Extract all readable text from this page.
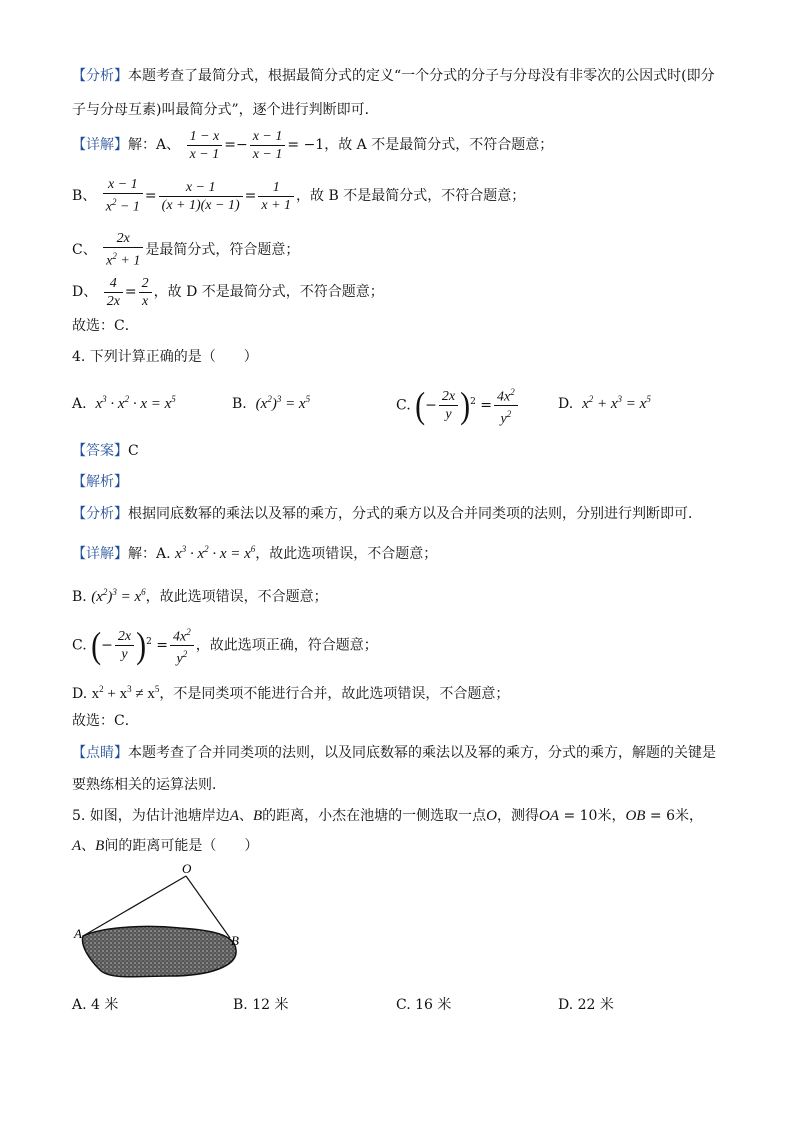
【分析】本题考查了最简分式，根据最简分式的定义“一个分式的分子与分母没有非零次的公因式时(即分
子与分母互素)叫最简分式”，逐个进行判断即可．
【详解】解：A、 $\frac{1 - x}{x - 1} =- \frac{x - 1}{x - 1} = -1$，故 A 不是最简分式，不符合题意；
B、 $\frac{x - 1}{x^2 - 1} = \frac{x - 1}{(x + 1)(x - 1)} = \frac{1}{x + 1}$ ，故 B 不是最简分式，不符合题意；
C、 $\frac{2x}{x^2 + 1}$ 是最简分式，符合题意；
D、 $\frac{4}{2x} = \frac{2}{x}$ ，故 D 不是最简分式，不符合题意；
故选：C．
4. 下列计算正确的是（　　）
A. $x^3 \cdot x^2 \cdot x = x^5$	B. $(x^2)^3 = x^5$	C. (− $\frac{2x}{y} )^2 = \frac{4x^2}{y^2}$	D. $x^2 + x^3 = x^5$
【答案】C
【解析】
【分析】根据同底数幂的乘法以及幂的乘方，分式的乘方以及合并同类项的法则，分别进行判断即可．
【详解】解：A. $x^3 \cdot x^2 \cdot x = x^6$，故此选项错误，不合题意；
B. $(x^2)^3 = x^6$，故此选项错误，不合题意；
C. (− $\frac{2x}{y} )^2 = \frac{4x^2}{y^2}$ ，故此选项正确，符合题意；
D. $x^2 + x^3 \ne x^5$，不是同类项不能进行合并，故此选项错误，不合题意；
故选：C．
【点睛】本题考查了合并同类项的法则，以及同底数幂的乘法以及幂的乘方，分式的乘方，解题的关键是
要熟练相关的运算法则．
5. 如图，为估计池塘岸边A、B的距离，小杰在池塘的一侧选取一点O，测得OA = 10米，OB = 6米，
A、B间的距离可能是（　　）
O
A	B
A. 4 米	B. 12 米	C. 16 米	D. 22 米
